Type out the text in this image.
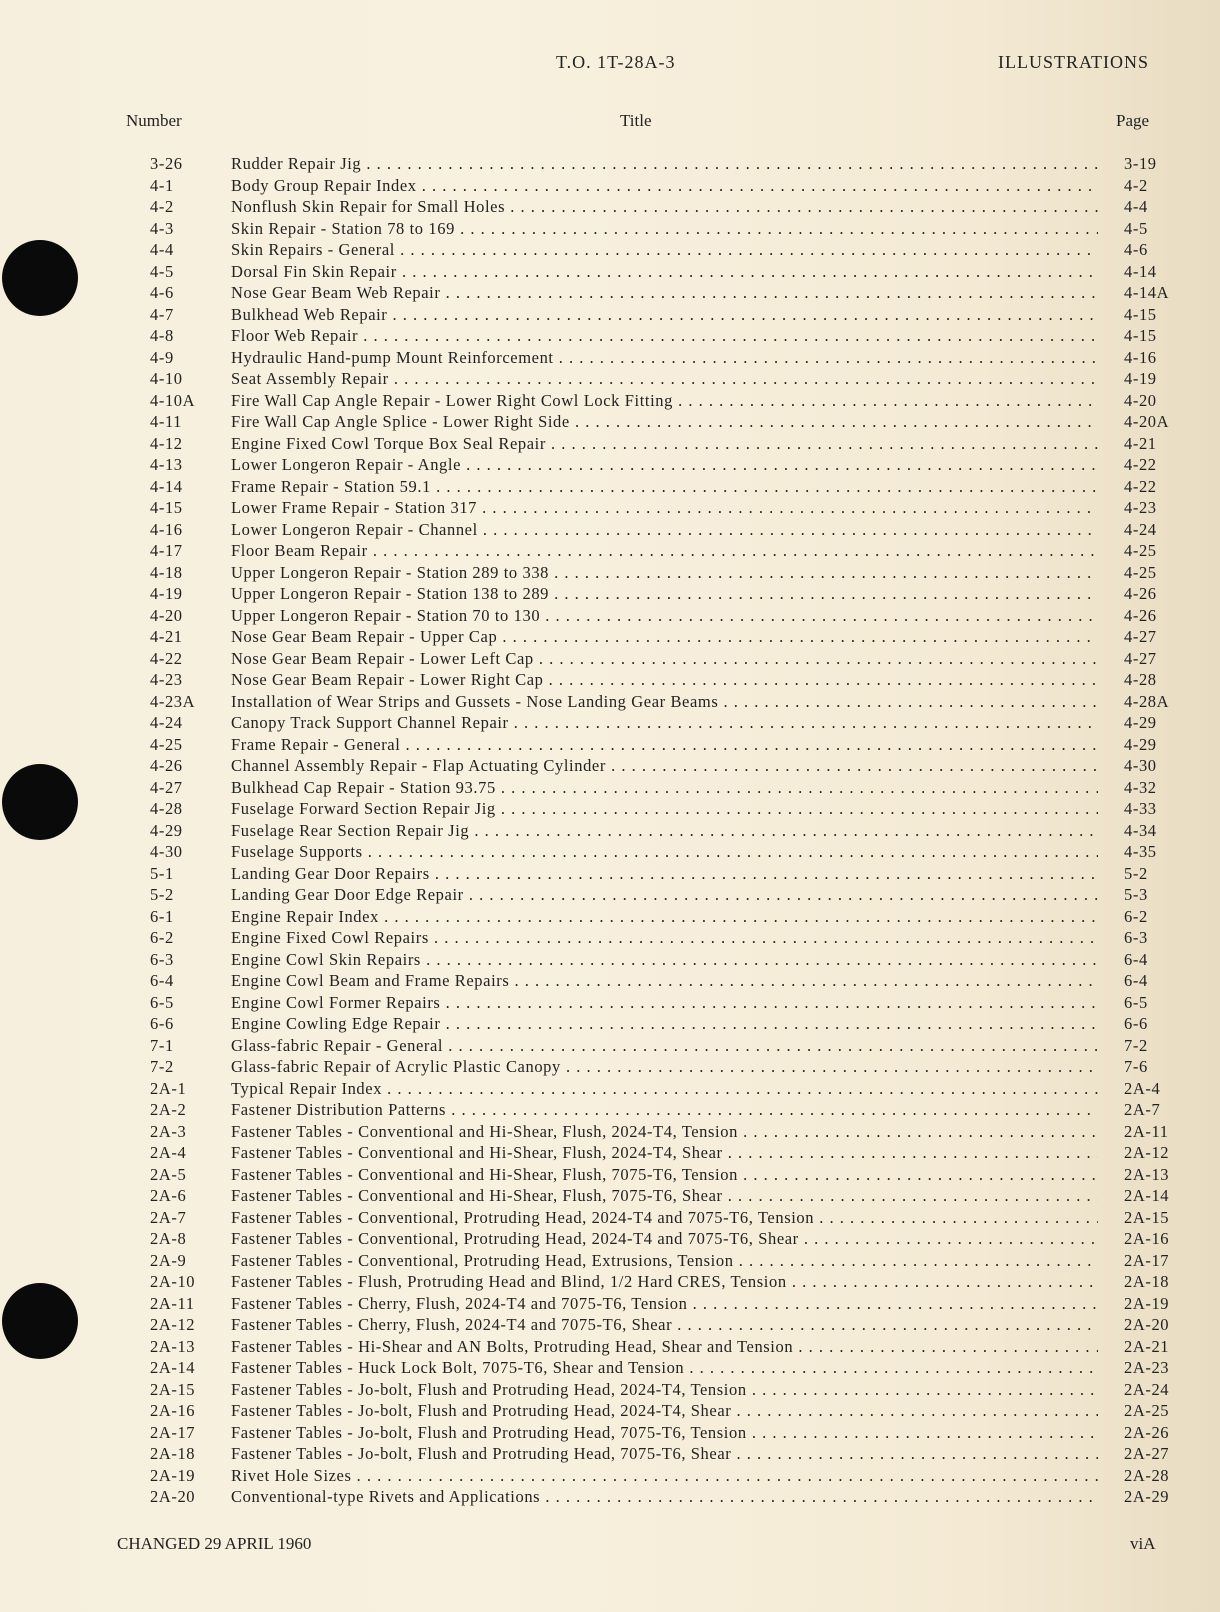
T.O. 1T-28A-3	ILLUSTRATIONS
Number	Title	Page
3-26	Rudder Repair Jig . . .	3-19
4-1	Body Group Repair Index . . .	4-2
4-2	Nonflush Skin Repair for Small Holes . . .	4-4
4-3	Skin Repair - Station 78 to 169 . . .	4-5
4-4	Skin Repairs - General . . .	4-6
4-5	Dorsal Fin Skin Repair . . .	4-14
4-6	Nose Gear Beam Web Repair . . .	4-14A
4-7	Bulkhead Web Repair . . .	4-15
4-8	Floor Web Repair . . .	4-15
4-9	Hydraulic Hand-pump Mount Reinforcement . . .	4-16
4-10	Seat Assembly Repair . . .	4-19
4-10A Fire Wall Cap Angle Repair - Lower Right Cowl Lock Fitting . . .	4-20
4-11	Fire Wall Cap Angle Splice - Lower Right Side . . .	4-20A
4-12	Engine Fixed Cowl Torque Box Seal Repair . . .	4-21
4-13	Lower Longeron Repair - Angle . . .	4-22
4-14	Frame Repair - Station 59.1 . . .	4-22
4-15	Lower Frame Repair - Station 317 . . .	4-23
4-16	Lower Longeron Repair - Channel . . .	4-24
4-17	Floor Beam Repair . . .	4-25
4-18	Upper Longeron Repair - Station 289 to 338 . . .	4-25
4-19	Upper Longeron Repair - Station 138 to 289 . . .	4-26
4-20	Upper Longeron Repair - Station 70 to 130 . . .	4-26
4-21	Nose Gear Beam Repair - Upper Cap . . .	4-27
4-22	Nose Gear Beam Repair - Lower Left Cap . . .	4-27
4-23	Nose Gear Beam Repair - Lower Right Cap . . .	4-28
4-23A Installation of Wear Strips and Gussets - Nose Landing Gear Beams . . .	4-28A
4-24	Canopy Track Support Channel Repair . . .	4-29
4-25	Frame Repair - General . . .	4-29
4-26	Channel Assembly Repair - Flap Actuating Cylinder . . .	4-30
4-27	Bulkhead Cap Repair - Station 93.75 . . .	4-32
4-28	Fuselage Forward Section Repair Jig . . .	4-33
4-29	Fuselage Rear Section Repair Jig . . .	4-34
4-30	Fuselage Supports . . .	4-35
5-1	Landing Gear Door Repairs . . .	5-2
5-2	Landing Gear Door Edge Repair . . .	5-3
6-1	Engine Repair Index . . .	6-2
6-2	Engine Fixed Cowl Repairs . . .	6-3
6-3	Engine Cowl Skin Repairs . . .	6-4
6-4	Engine Cowl Beam and Frame Repairs . . .	6-4
6-5	Engine Cowl Former Repairs . . .	6-5
6-6	Engine Cowling Edge Repair . . .	6-6
7-1	Glass-fabric Repair - General . . .	7-2
7-2	Glass-fabric Repair of Acrylic Plastic Canopy . . .	7-6
2A-1	Typical Repair Index . . .	2A-4
2A-2	Fastener Distribution Patterns . . .	2A-7
2A-3	Fastener Tables - Conventional and Hi-Shear, Flush, 2024-T4, Tension . . .	2A-11
2A-4	Fastener Tables - Conventional and Hi-Shear, Flush, 2024-T4, Shear . . .	2A-12
2A-5	Fastener Tables - Conventional and Hi-Shear, Flush, 7075-T6, Tension . . .	2A-13
2A-6	Fastener Tables - Conventional and Hi-Shear, Flush, 7075-T6, Shear . . .	2A-14
2A-7	Fastener Tables - Conventional, Protruding Head, 2024-T4 and 7075-T6, Tension . . .	2A-15
2A-8	Fastener Tables - Conventional, Protruding Head, 2024-T4 and 7075-T6, Shear . . .	2A-16
2A-9	Fastener Tables - Conventional, Protruding Head, Extrusions, Tension . . .	2A-17
2A-10 Fastener Tables - Flush, Protruding Head and Blind, 1/2 Hard CRES, Tension . . .	2A-18
2A-11 Fastener Tables - Cherry, Flush, 2024-T4 and 7075-T6, Tension . . .	2A-19
2A-12 Fastener Tables - Cherry, Flush, 2024-T4 and 7075-T6, Shear . . .	2A-20
2A-13 Fastener Tables - Hi-Shear and AN Bolts, Protruding Head, Shear and Tension . . .	2A-21
2A-14 Fastener Tables - Huck Lock Bolt, 7075-T6, Shear and Tension . . .	2A-23
2A-15 Fastener Tables - Jo-bolt, Flush and Protruding Head, 2024-T4, Tension . . .	2A-24
2A-16 Fastener Tables - Jo-bolt, Flush and Protruding Head, 2024-T4, Shear . . .	2A-25
2A-17 Fastener Tables - Jo-bolt, Flush and Protruding Head, 7075-T6, Tension . . .	2A-26
2A-18 Fastener Tables - Jo-bolt, Flush and Protruding Head, 7075-T6, Shear . . .	2A-27
2A-19 Rivet Hole Sizes . . .	2A-28
2A-20 Conventional-type Rivets and Applications . . .	2A-29
CHANGED 29 APRIL 1960	viA
